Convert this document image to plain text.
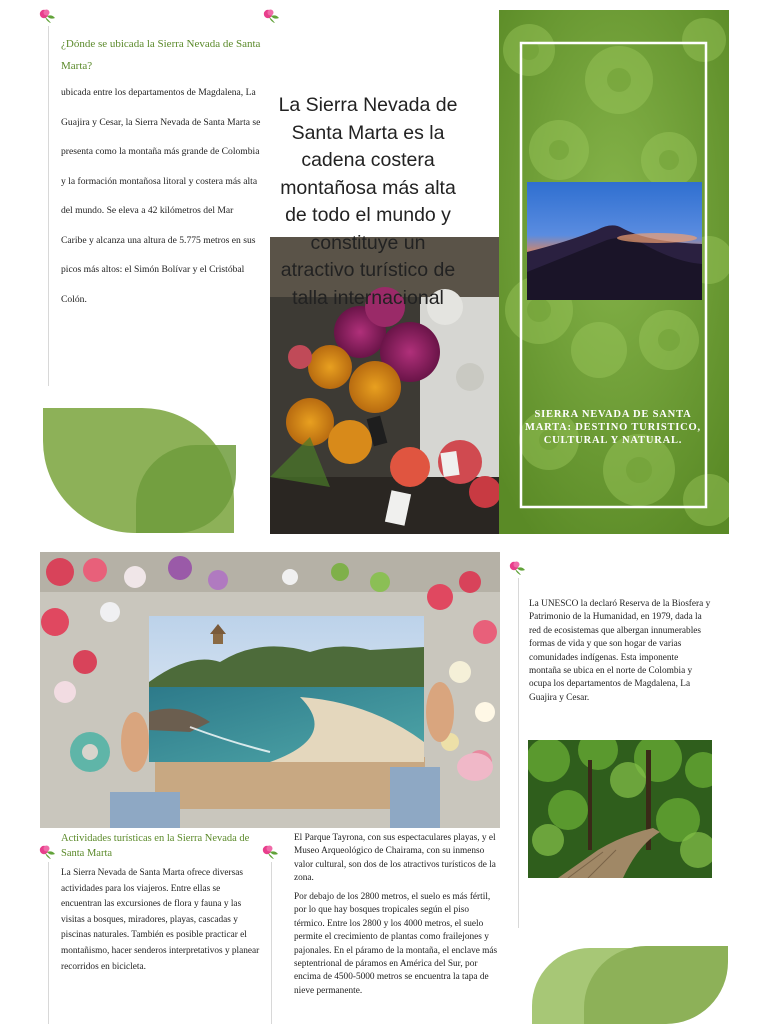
¿Dónde se ubicada la Sierra Nevada de Santa Marta?
ubicada entre los departamentos de Magdalena, La Guajira y Cesar, la Sierra Nevada de Santa Marta se presenta como la montaña más grande de Colombia y la formación montañosa litoral y costera más alta del mundo. Se eleva a 42 kilómetros del Mar Caribe y alcanza una altura de 5.775 metros en sus picos más altos: el Simón Bolívar y el Cristóbal Colón.
La Sierra Nevada de Santa Marta es la cadena costera montañosa más alta de todo el mundo y constituye un atractivo turístico de talla internacional
SIERRA NEVADA DE SANTA MARTA: DESTINO TURISTICO, CULTURAL Y NATURAL.
Actividades turísticas en la Sierra Nevada de Santa Marta
La Sierra Nevada de Santa Marta ofrece diversas actividades para los viajeros. Entre ellas se encuentran las excursiones de flora y fauna y las visitas a bosques, miradores, playas, cascadas y piscinas naturales. También es posible practicar el montañismo, hacer senderos interpretativos y planear recorridos en bicicleta.
El Parque Tayrona, con sus espectaculares playas, y el Museo Arqueológico de Chairama, con su inmenso valor cultural, son dos de los atractivos turísticos de la zona.
Por debajo de los 2800 metros, el suelo es más fértil, por lo que hay bosques tropicales según el piso térmico. Entre los 2800 y los 4000 metros, el suelo permite el crecimiento de plantas como frailejones y pajonales. En el páramo de la montaña, el enclave más septentrional de páramos en América del Sur, por encima de 4500-5000 metros se encuentra la tapa de nieve permanente.
La UNESCO la declaró Reserva de la Biosfera y Patrimonio de la Humanidad, en 1979, dada la red de ecosistemas que albergan innumerables formas de vida y que son hogar de varias comunidades indígenas. Esta imponente montaña se ubica en el norte de Colombia y ocupa los departamentos de Magdalena, La Guajira y Cesar.
